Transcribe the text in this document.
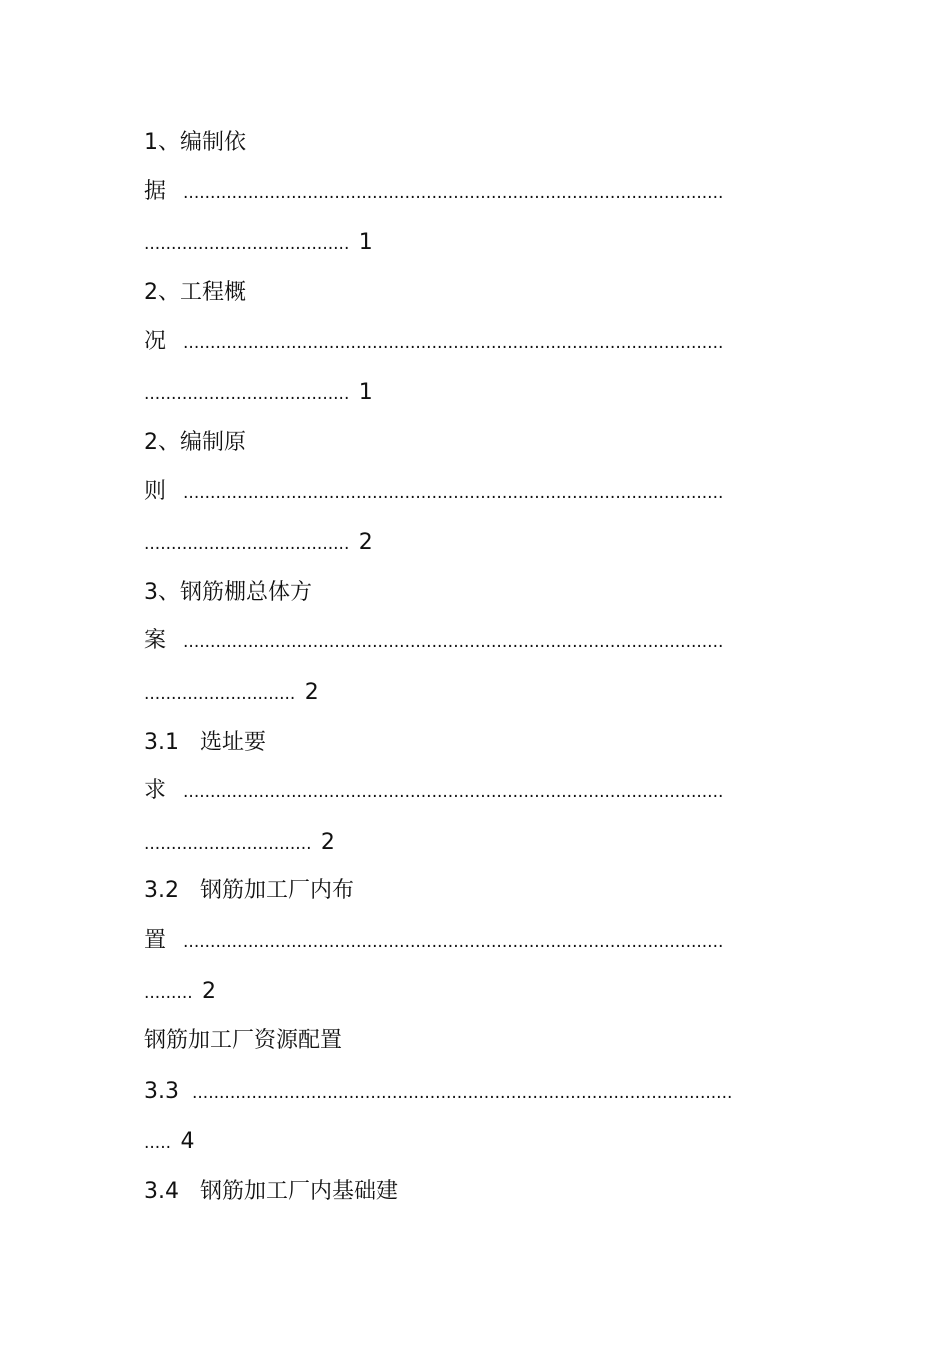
1、编制依
据 ....................................................................................................
...................................... 1
2、工程概
况 ....................................................................................................
...................................... 1
2、编制原
则 ....................................................................................................
...................................... 2
3、钢筋棚总体方
案 ....................................................................................................
............................ 2
3.1   选址要
求 ....................................................................................................
............................... 2
3.2   钢筋加工厂内布
置 ....................................................................................................
......... 2
钢筋加工厂资源配置
3.3 ....................................................................................................
..... 4
3.4   钢筋加工厂内基础建
